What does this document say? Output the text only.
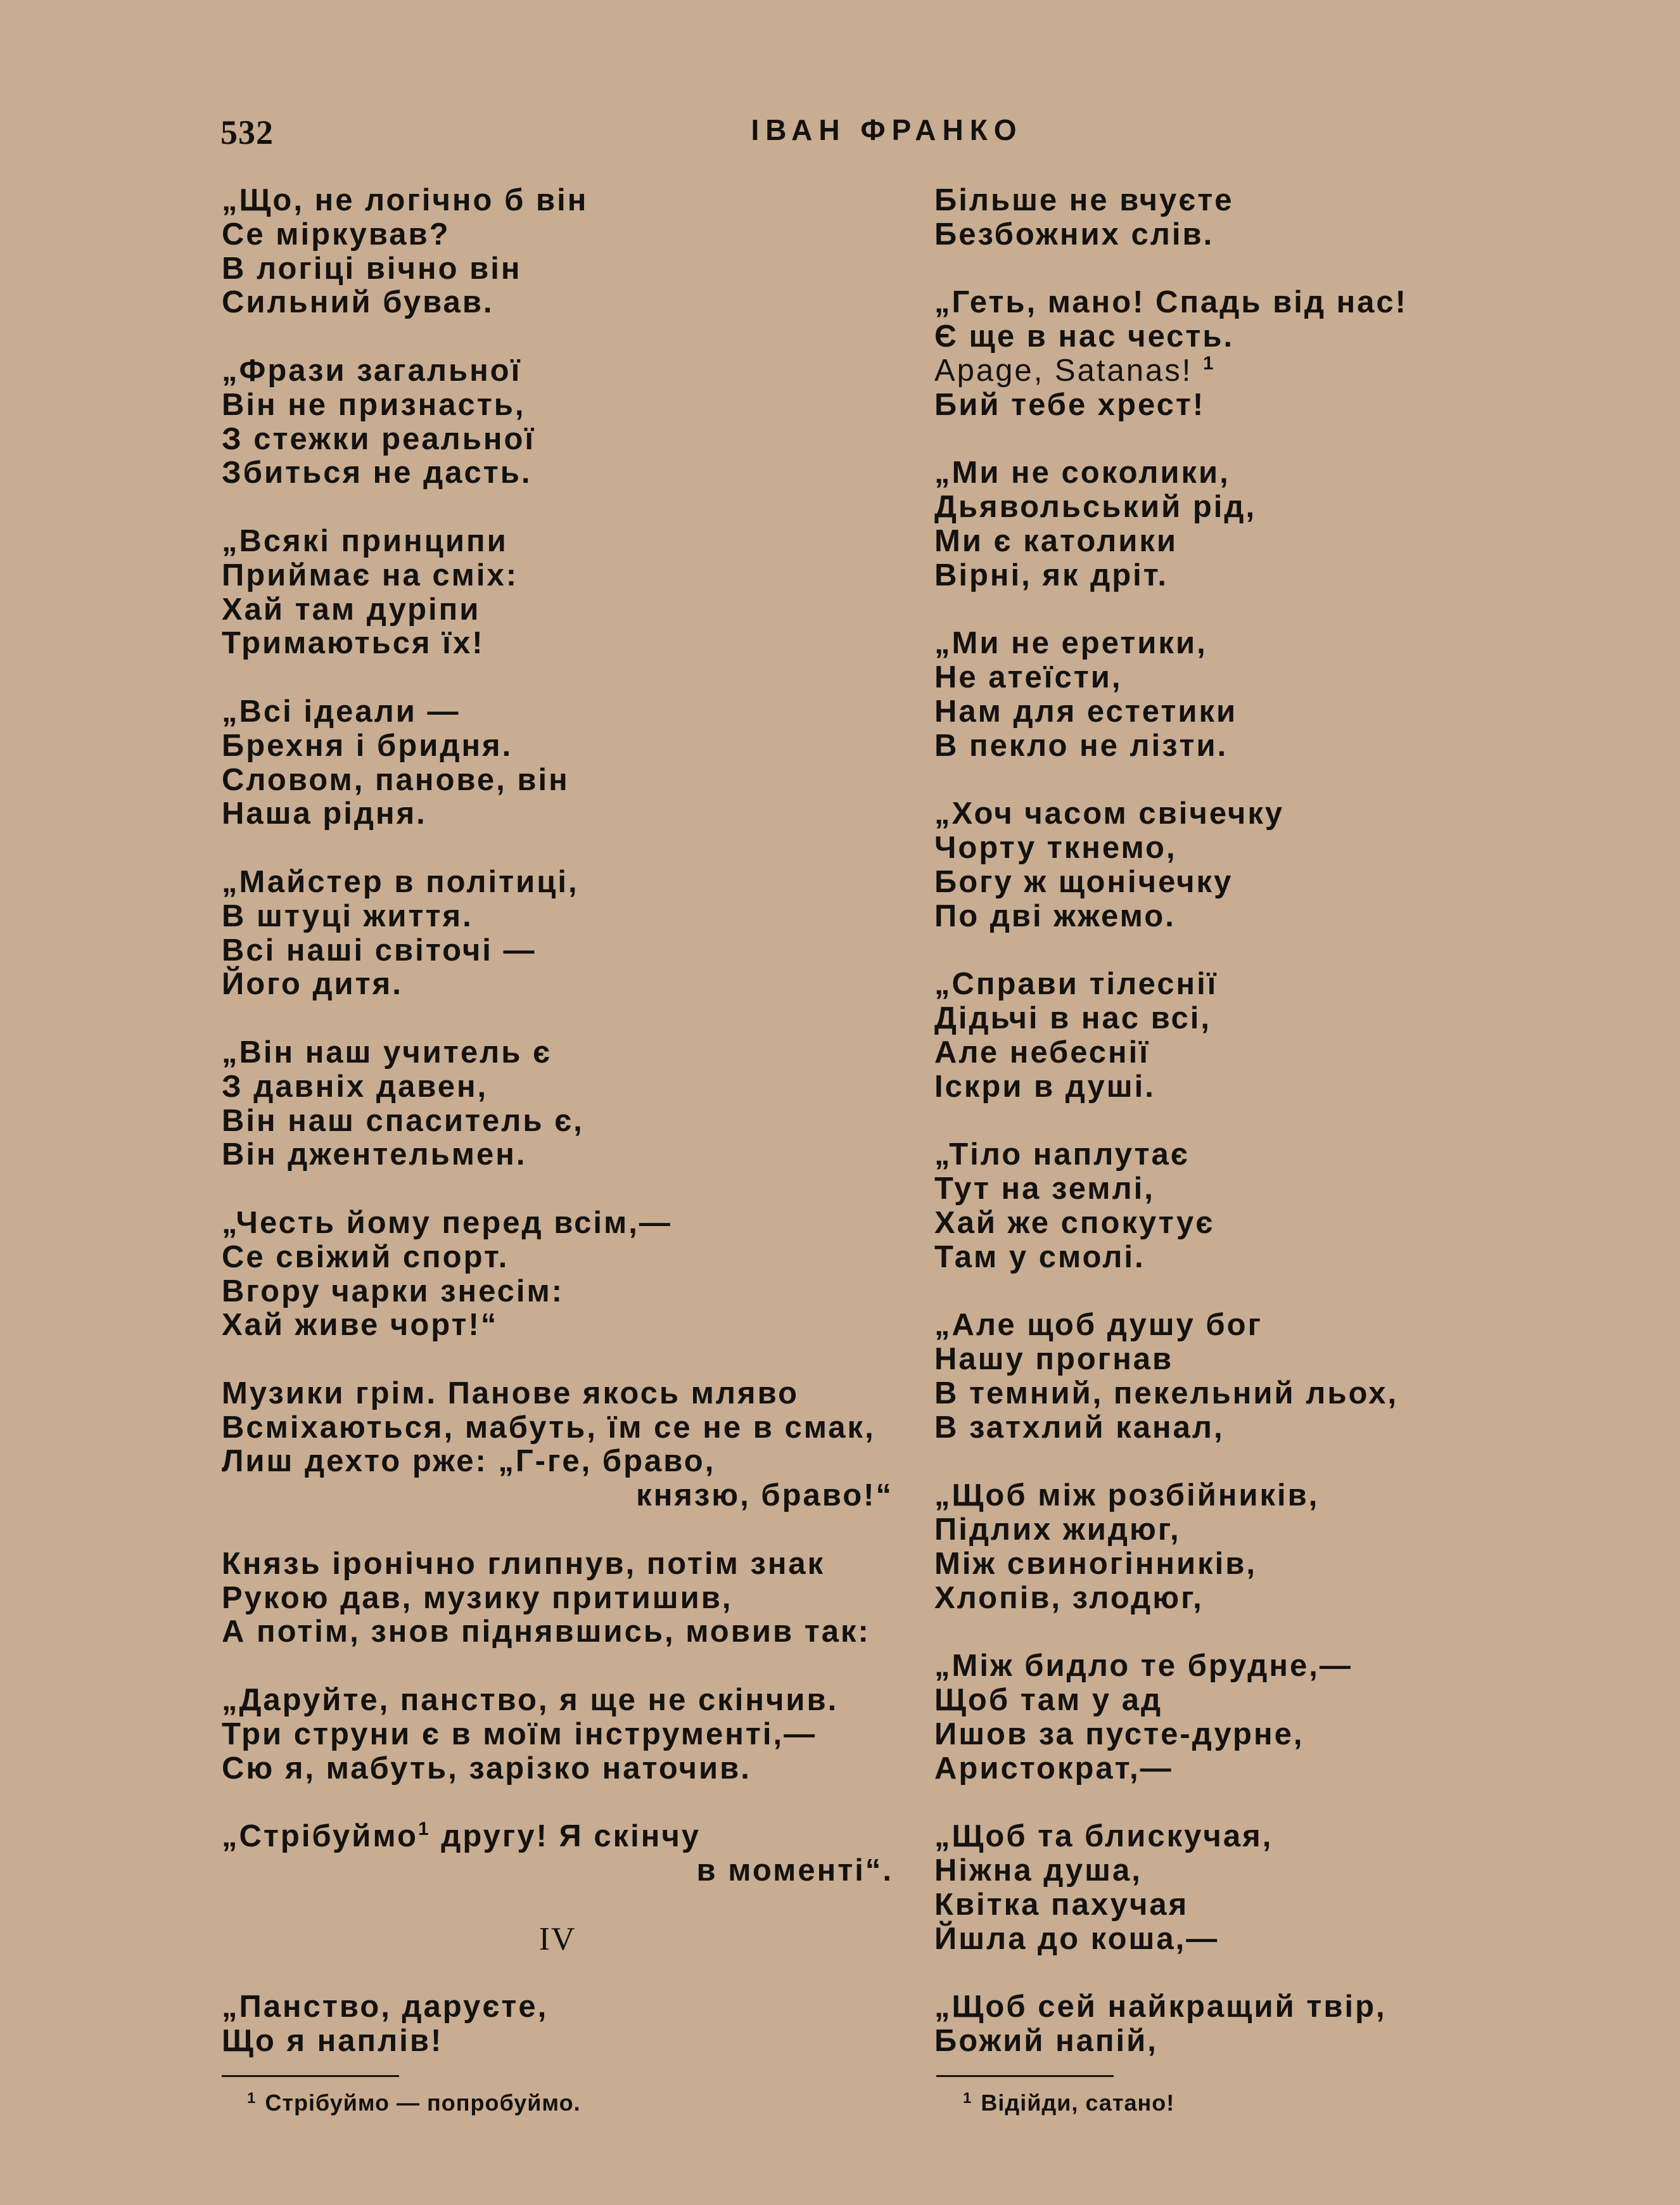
532	ІВАН ФРАНКО
„Що, не логічно б він
Се міркував?
В логіці вічно він
Сильний бував.
„Фрази загальної
Він не признасть,
З стежки реальної
Збиться не дасть.
„Всякі принципи
Приймає на сміх:
Хай там дуріпи
Тримаються їх!
„Всі ідеали —
Брехня і бридня.
Словом, панове, він
Наша рідня.
„Майстер в політиці,
В штуці життя.
Всі наші світочі —
Його дитя.
„Він наш учитель є
З давніх давен,
Він наш спаситель є,
Він джентельмен.
„Честь йому перед всім,—
Се свіжий спорт.
Вгору чарки знесім:
Хай живе чорт!“
Музики грім. Панове якось мляво
Всміхаються, мабуть, їм се не в смак,
Лиш дехто рже: „Г-ге, браво,
князю, браво!“
Князь іронічно глипнув, потім знак
Рукою дав, музику притишив,
А потім, знов піднявшись, мовив так:
„Даруйте, панство, я ще не скінчив.
Три струни є в моїм інструменті,—
Сю я, мабуть, зарізко наточив.
„Стрібуймо$^1$ другу! Я скінчу
в моменті“.
IV
„Панство, даруєте,
Що я наплів!
Більше не вчуєте
Безбожних слів.
„Геть, мано! Спадь від нас!
Є ще в нас честь.
Apage, Satanas! $^1$
Бий тебе хрест!
„Ми не соколики,
Дьявольський рід,
Ми є католики
Вірні, як дріт.
„Ми не еретики,
Не атеїсти,
Нам для естетики
В пекло не лізти.
„Хоч часом свічечку
Чорту ткнемо,
Богу ж щонічечку
По дві жжемо.
„Справи тілеснії
Дідьчі в нас всі,
Але небеснії
Іскри в душі.
„Тіло наплутає
Тут на землі,
Хай же спокутує
Там у смолі.
„Але щоб душу бог
Нашу прогнав
В темний, пекельний льох,
В затхлий канал,
„Щоб між розбійників,
Підлих жидюг,
Між свиногінників,
Хлопів, злодюг,
„Між бидло те брудне,—
Щоб там у ад
Ишов за пусте-дурне,
Аристократ,—
„Щоб та блискучая,
Ніжна душа,
Квітка пахучая
Йшла до коша,—
„Щоб сей найкращий твір,
Божий напій,
$^1$ Стрібуймо — попробуймо.	$^1$ Відійди, сатано!
